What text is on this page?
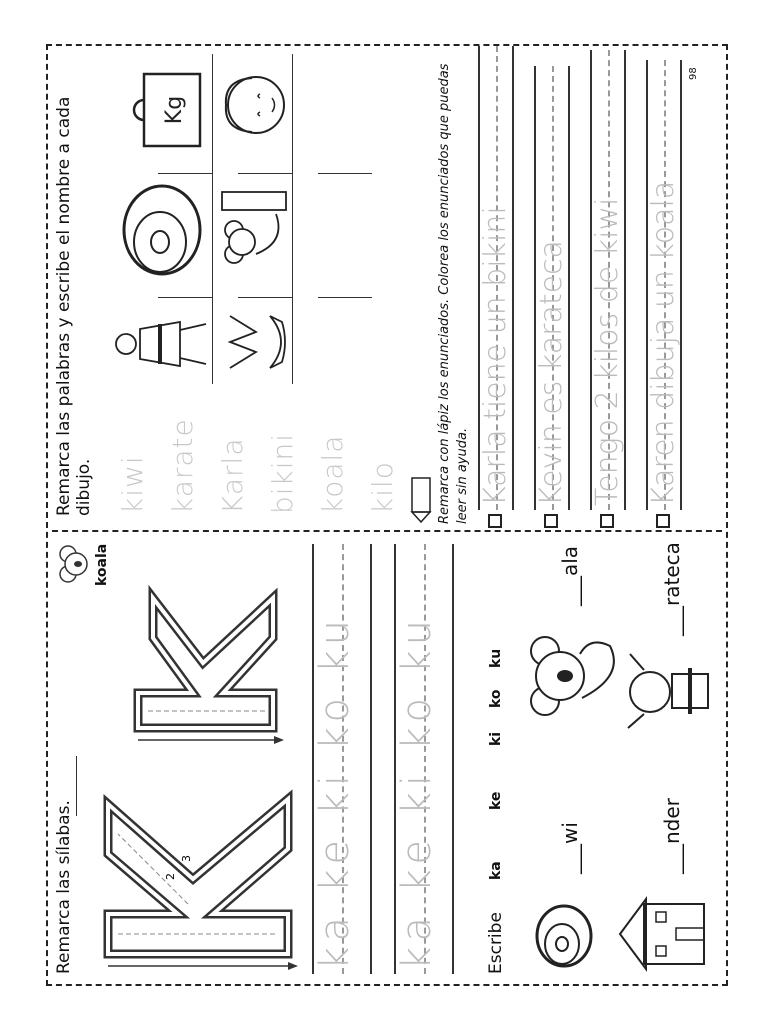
Remarca las sílabas.	2
3
koala
ka ke ki ko ku ka ke ki ko ku	Escribe
ka
ke
ki
ko
ku
___wi
___ala
___nder
___rateca
Remarca las palabras y escribe el nombre a cada dibujo. kiwi karate Karla bikini koala kilo
Kg	Remarca con lápiz los enunciados. Colorea los enunciados que puedas leer sin ayuda. Karla tiene un bikini Kevin es karateca Tengo 2 kilos de kiwi Karen dibuja un koala
98
